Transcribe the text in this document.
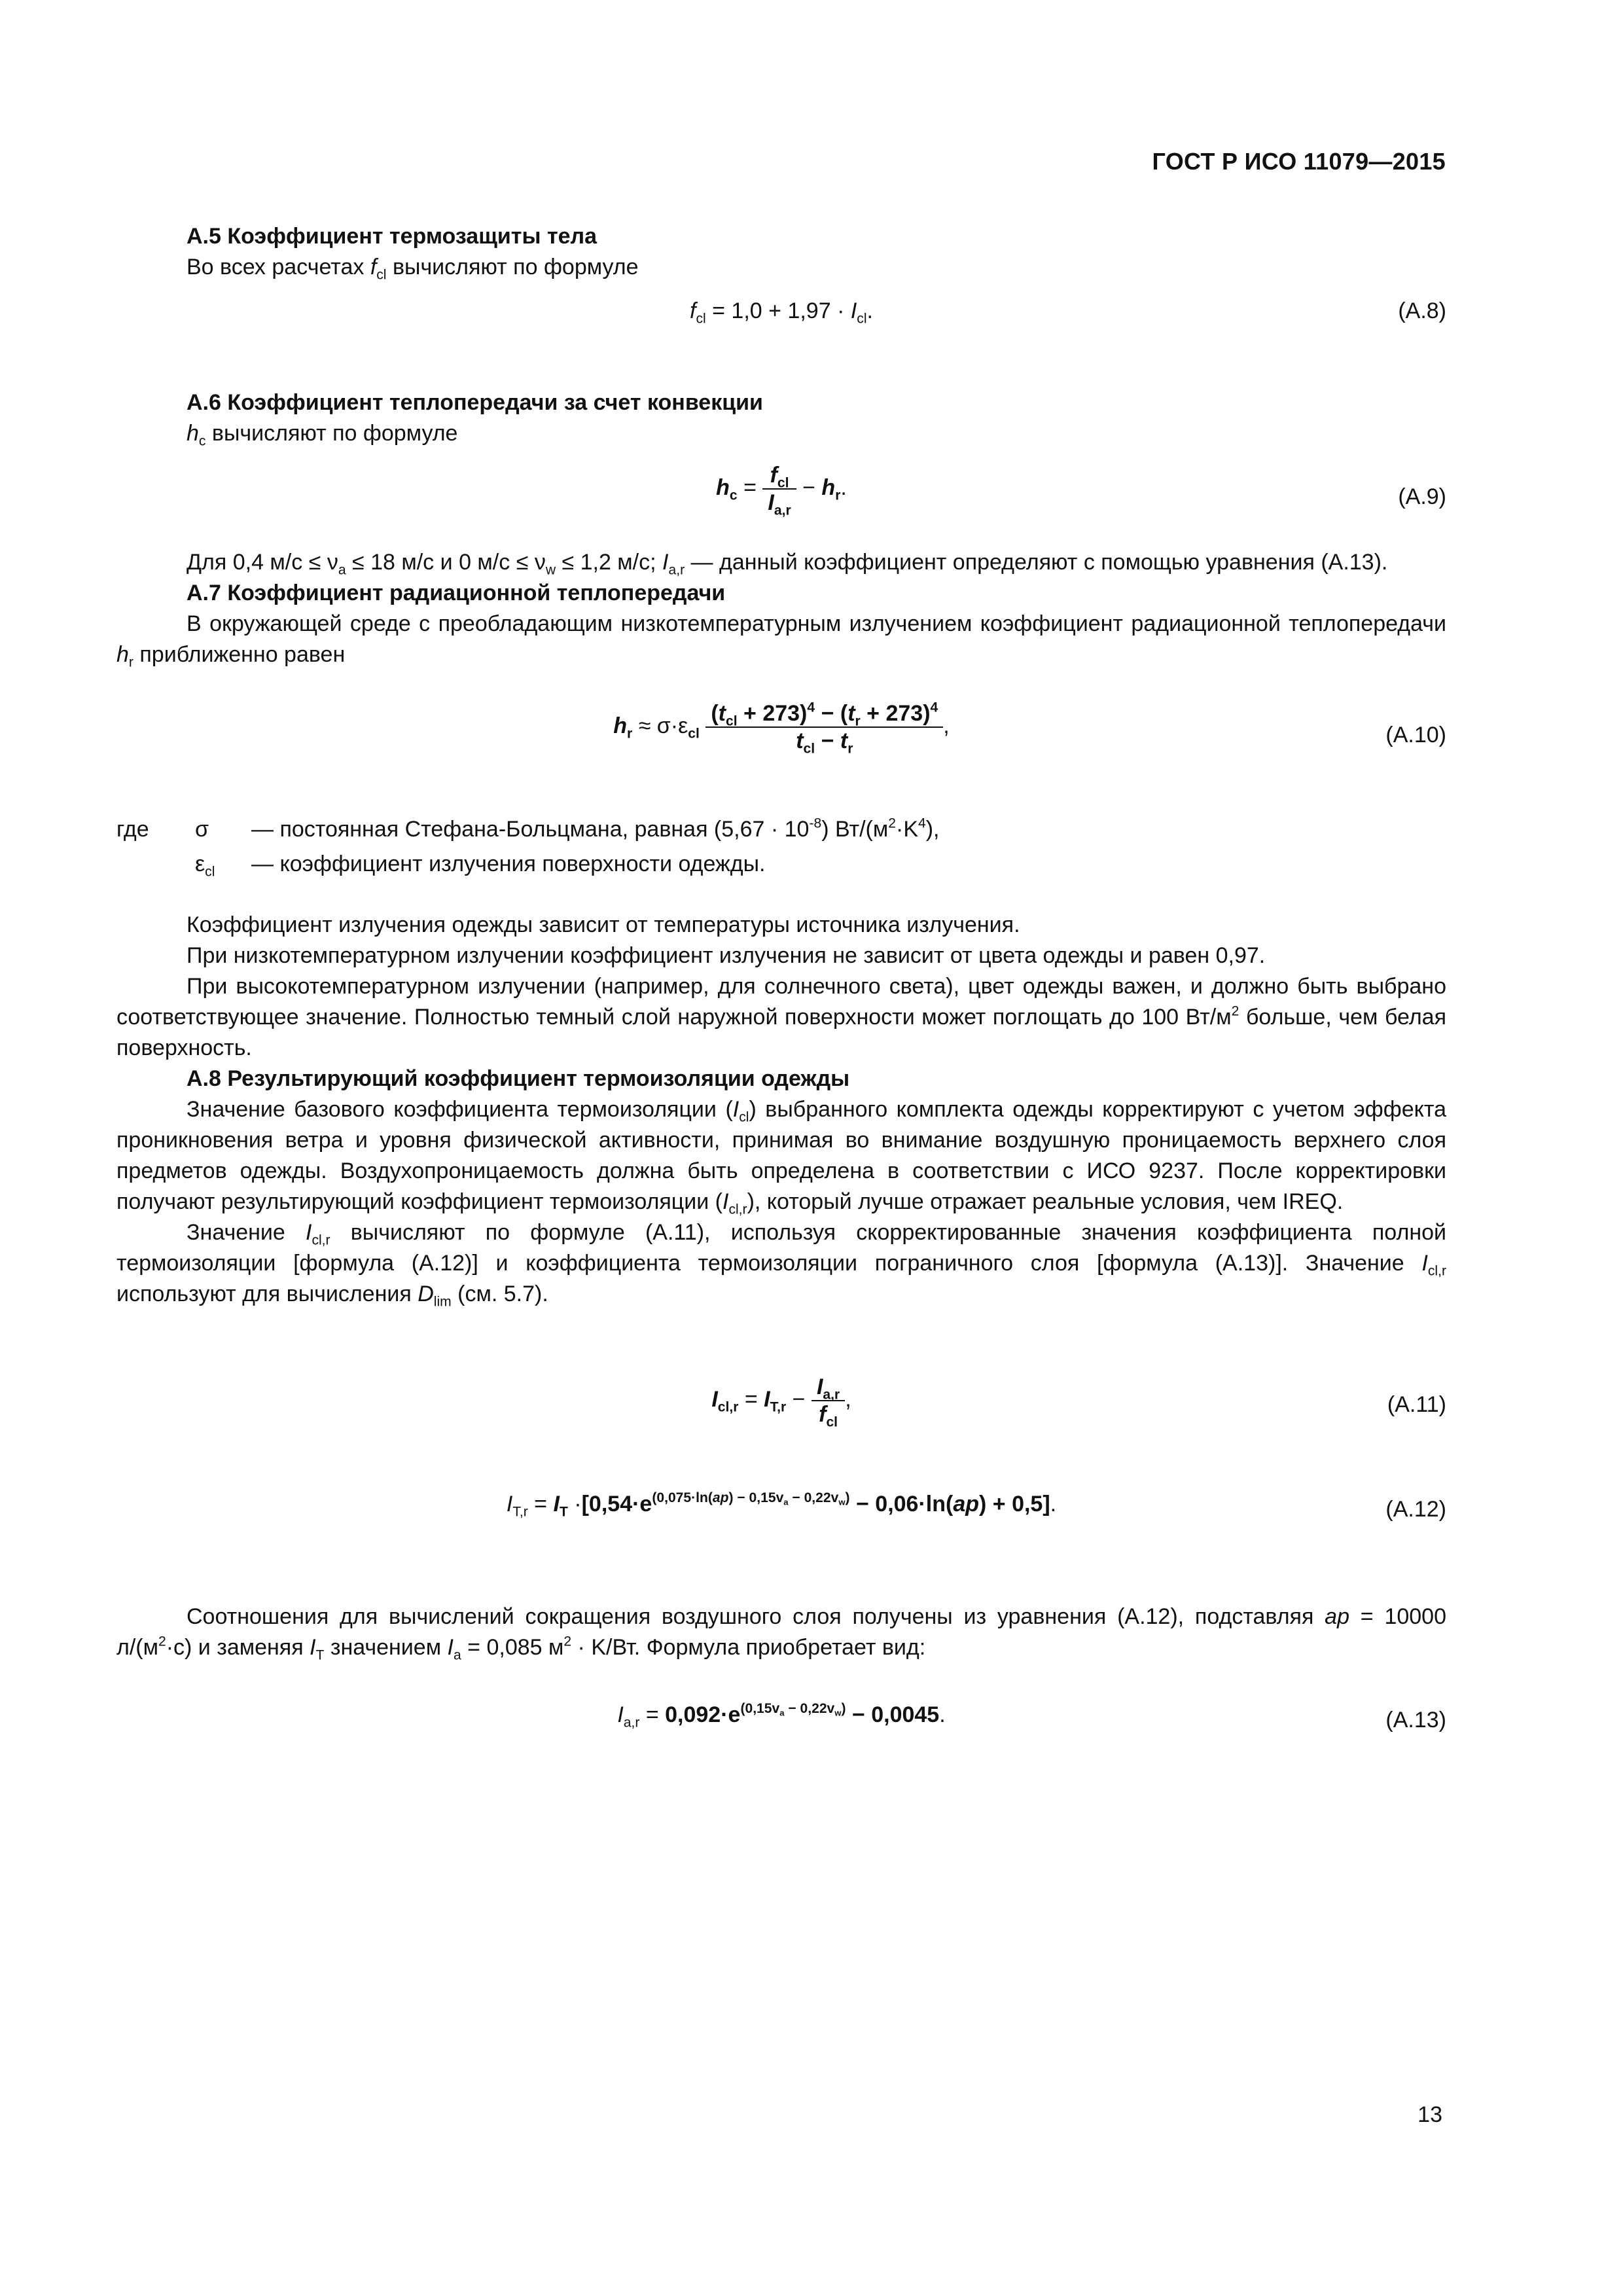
ГОСТ Р ИСО 11079—2015
А.5 Коэффициент термозащиты тела

Во всех расчетах $f_{cl}$ вычисляют по формуле

$f_{cl} = 1,0 + 1,97 \cdot I_{cl}$.	(А.8)
А.6 Коэффициент теплопередачи за счет конвекции

$h_c$ вычисляют по формуле

$h_c = \frac{f_{cl}}{I_{a,r}} - h_r$.	(А.9)

Для 0,4 $м/с \le \nu_a \le 18$ м/с и 0 $м/с \le \nu_w \le 1,2$ м/с; $I_{a,r}$ — данный коэффициент определяют с помощью уравнения (А.13).

А.7 Коэффициент радиационной теплопередачи

В окружающей среде с преобладающим низкотемпературным излучением коэффициент радиационной теплопередачи $h_r$ приближенно равен

$h_r \approx \sigma\cdot\varepsilon_{cl} \frac{(t_{cl} + 273)^4 - (t_r + 273)^4}{t_{cl} - t_r}$ ,	(А.10)
где	σ	— постоянная Стефана-Больцмана, равная $(5,67 \cdot 10^{-8})$ $Вт/(м^2\cdot K^4)$,
$\varepsilon_{cl}$	— коэффициент излучения поверхности одежды.

Коэффициент излучения одежды зависит от температуры источника излучения.

При низкотемпературном излучении коэффициент излучения не зависит от цвета одежды и равен 0,97.

При высокотемпературном излучении (например, для солнечного света), цвет одежды важен, и должно быть выбрано соответствующее значение. Полностью темный слой наружной поверхности может поглощать до 100 $Вт/м^2$ больше, чем белая поверхность.

А.8 Результирующий коэффициент термоизоляции одежды

Значение базового коэффициента термоизоляции $(I_{cl})$ выбранного комплекта одежды корректируют с учетом эффекта проникновения ветра и уровня физической активности, принимая во внимание воздушную проницаемость верхнего слоя предметов одежды. Воздухопроницаемость должна быть определена в соответствии с ИСО 9237. После корректировки получают результирующий коэффициент термоизоляции $(I_{cl,r})$, который лучше отражает реальные условия, чем IREQ.

Значение $I_{cl,r}$ вычисляют по формуле (А.11), используя скорректированные значения коэффициента полной термоизоляции [формула (А.12)] и коэффициента термоизоляции пограничного слоя [формула (А.13)]. Значение $I_{cl,r}$ используют для вычисления $D_{lim}$ (см. 5.7).

$I_{cl,r} = I_{T,r} - \frac{I_{a,r}}{f_{cl}}$ ,	(А.11)
$I_{T,r} = I_T \cdot[0,54\cdot e^{(0,075\cdot ln(ap) - 0,15v_a - 0,22v_w)} - 0,06\cdot\ln(ap) + 0,5]$.	(А.12)

Соотношения для вычислений сокращения воздушного слоя получены из уравнения (А.12), подставляя ap = 10000 $л/(м^2\cdot с)$ и заменяя $I_T$ значением $I_a = 0,085$ $м^2 \cdot K/Вт$. Формула приобретает вид:

$I_{a,r} = 0,092\cdot e^{(0,15v_a - 0,22v_w)} - 0,0045$.	(А.13)
13
